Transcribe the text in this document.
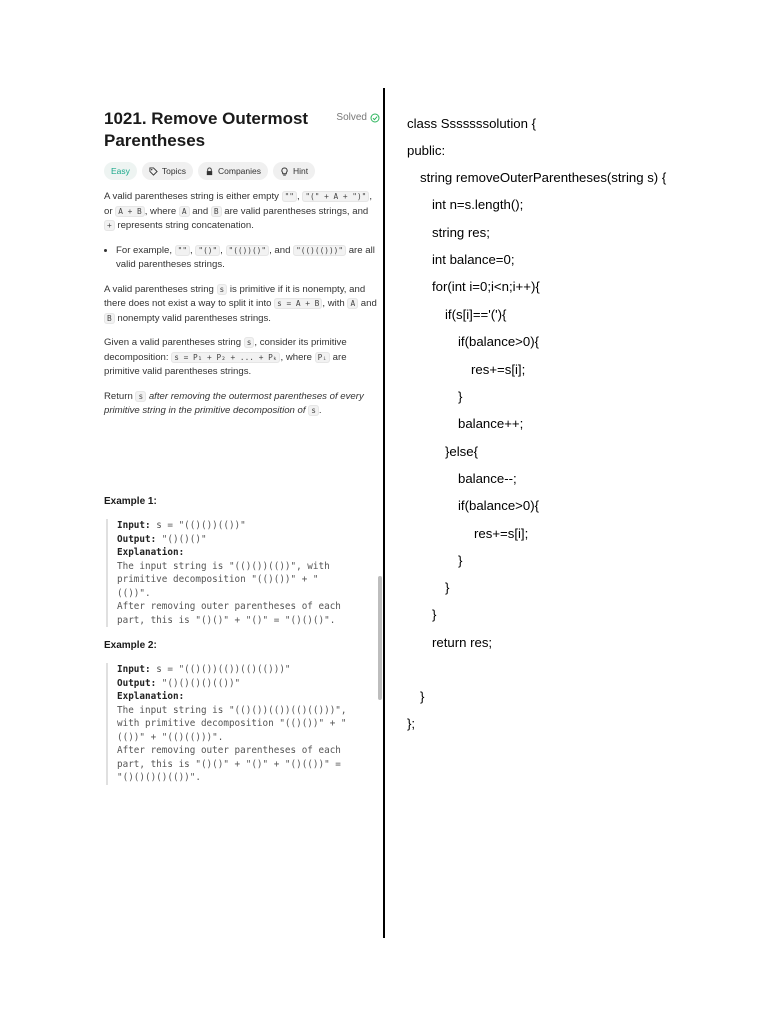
1021. Remove Outermost Parentheses
Solved
Easy	Topics	Companies	Hint

A valid parentheses string is either empty "" , "(" + A + ")" , or A + B , where A and B are valid parentheses strings, and + represents string concatenation.

• For example, "" , "()" , "(())()" , and "(()(()))" are all valid parentheses strings.

A valid parentheses string s is primitive if it is nonempty, and there does not exist a way to split it into s = A + B , with A and B nonempty valid parentheses strings.

Given a valid parentheses string s , consider its primitive decomposition: s = P₁ + P₂ + ... + Pₖ , where Pᵢ are primitive valid parentheses strings.

Return s after removing the outermost parentheses of every primitive string in the primitive decomposition of s .

Example 1:
Input: s = "(()())(())"
Output: "()()()"
Explanation:
The input string is "(()())(())", with
primitive decomposition "(()())" + "
(())".
After removing outer parentheses of each
part, this is "()()" + "()" = "()()()".
Example 2:
Input: s = "(()())(())(()(()))"
Output: "()()()()(())"
Explanation:
The input string is "(()())(())(()(()))",
with primitive decomposition "(()())" + "
(())" + "(()(()))".
After removing outer parentheses of each
part, this is "()()" + "()" + "()(())" =
"()()()()(())".
class Sssssssolution {
public:
string removeOuterParentheses(string s) {
int n=s.length();
string res;
int balance=0;
for(int i=0;i<n;i++){
if(s[i]=='('){
if(balance>0){
res+=s[i];
}
balance++;
}else{
balance--;
if(balance>0){
res+=s[i];
}
}
}
return res;
}
};
